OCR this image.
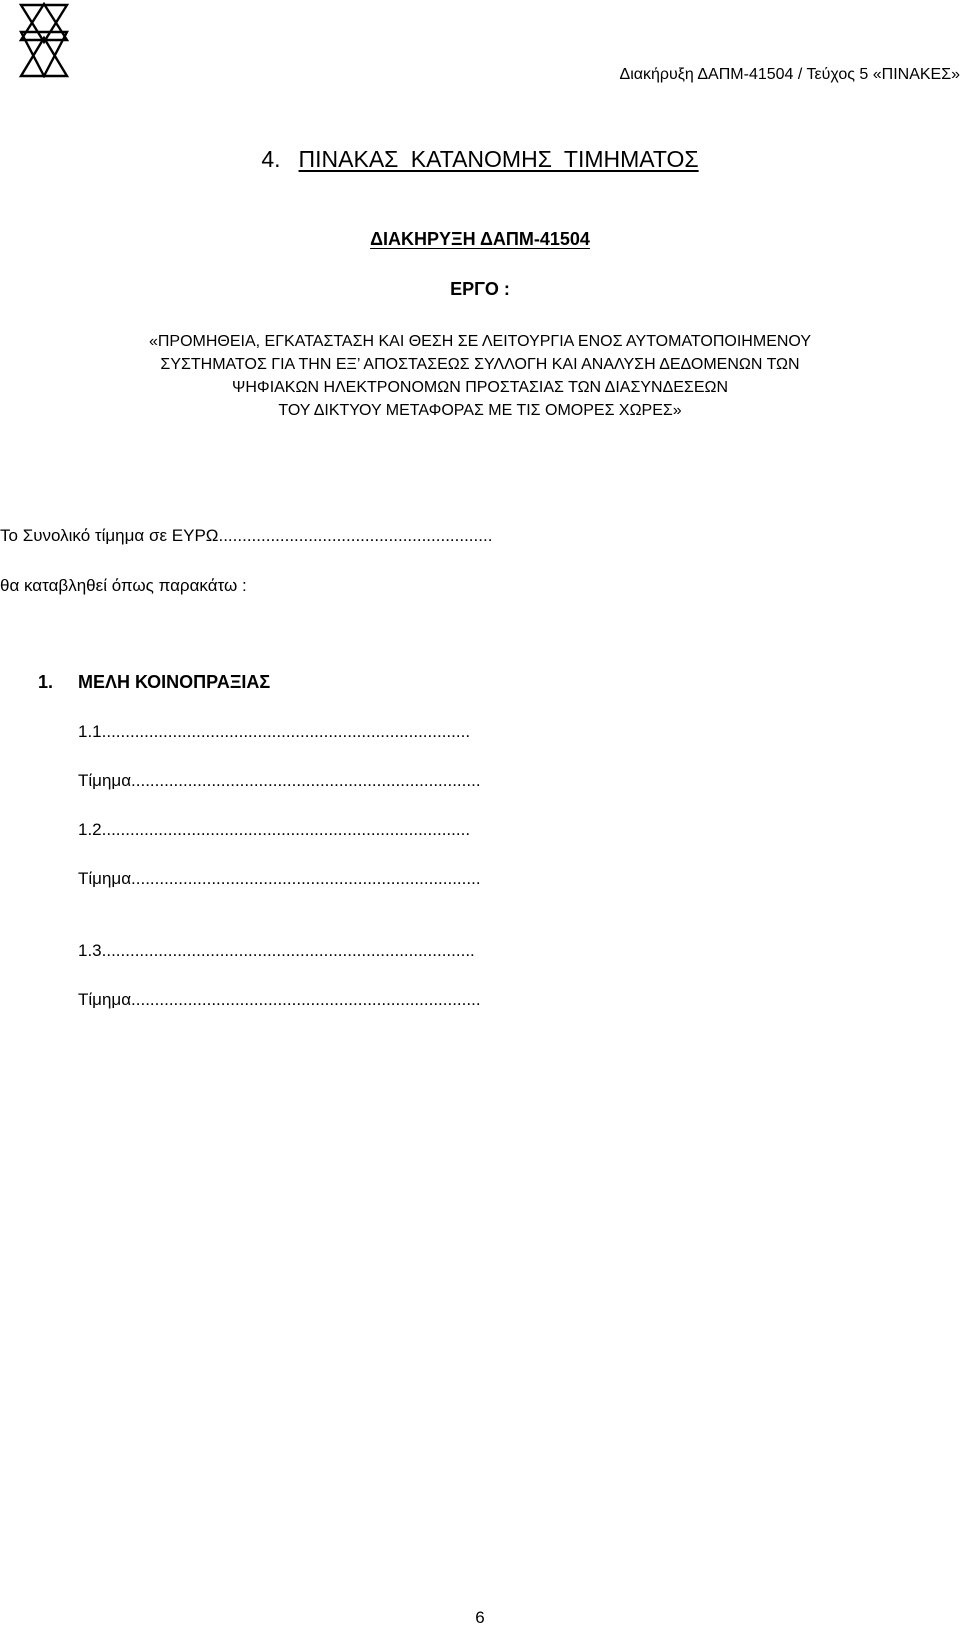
Διακήρυξη ΔΑΠΜ-41504 / Τεύχος 5 «ΠΙΝΑΚΕΣ»
4. ΠΙΝΑΚΑΣ ΚΑΤΑΝΟΜΗΣ ΤΙΜΗΜΑΤΟΣ
ΔΙΑΚΗΡΥΞΗ ΔΑΠΜ-41504
ΕΡΓΟ :
«ΠΡΟΜΗΘΕΙΑ, ΕΓΚΑΤΑΣΤΑΣΗ ΚΑΙ ΘΕΣΗ ΣΕ ΛΕΙΤΟΥΡΓΙΑ ΕΝΟΣ ΑΥΤΟΜΑΤΟΠΟΙΗΜΕΝΟΥ
ΣΥΣΤΗΜΑΤΟΣ ΓΙΑ ΤΗΝ ΕΞ’ ΑΠΟΣΤΑΣΕΩΣ ΣΥΛΛΟΓΗ ΚΑΙ ΑΝΑΛΥΣΗ ΔΕΔΟΜΕΝΩΝ ΤΩΝ
ΨΗΦΙΑΚΩΝ ΗΛΕΚΤΡΟΝΟΜΩΝ ΠΡΟΣΤΑΣΙΑΣ ΤΩΝ ΔΙΑΣΥΝΔΕΣΕΩΝ
ΤΟΥ ΔΙΚΤΥΟΥ ΜΕΤΑΦΟΡΑΣ ΜΕ ΤΙΣ ΟΜΟΡΕΣ ΧΩΡΕΣ»
Το Συνολικό τίμημα σε ΕΥΡΩ..........................................................
θα καταβληθεί όπως παρακάτω :
1. ΜΕΛΗ ΚΟΙΝΟΠΡΑΞΙΑΣ
1.1..............................................................................
Τίμημα..........................................................................
1.2..............................................................................
Τίμημα..........................................................................
1.3...............................................................................
Τίμημα..........................................................................
6
